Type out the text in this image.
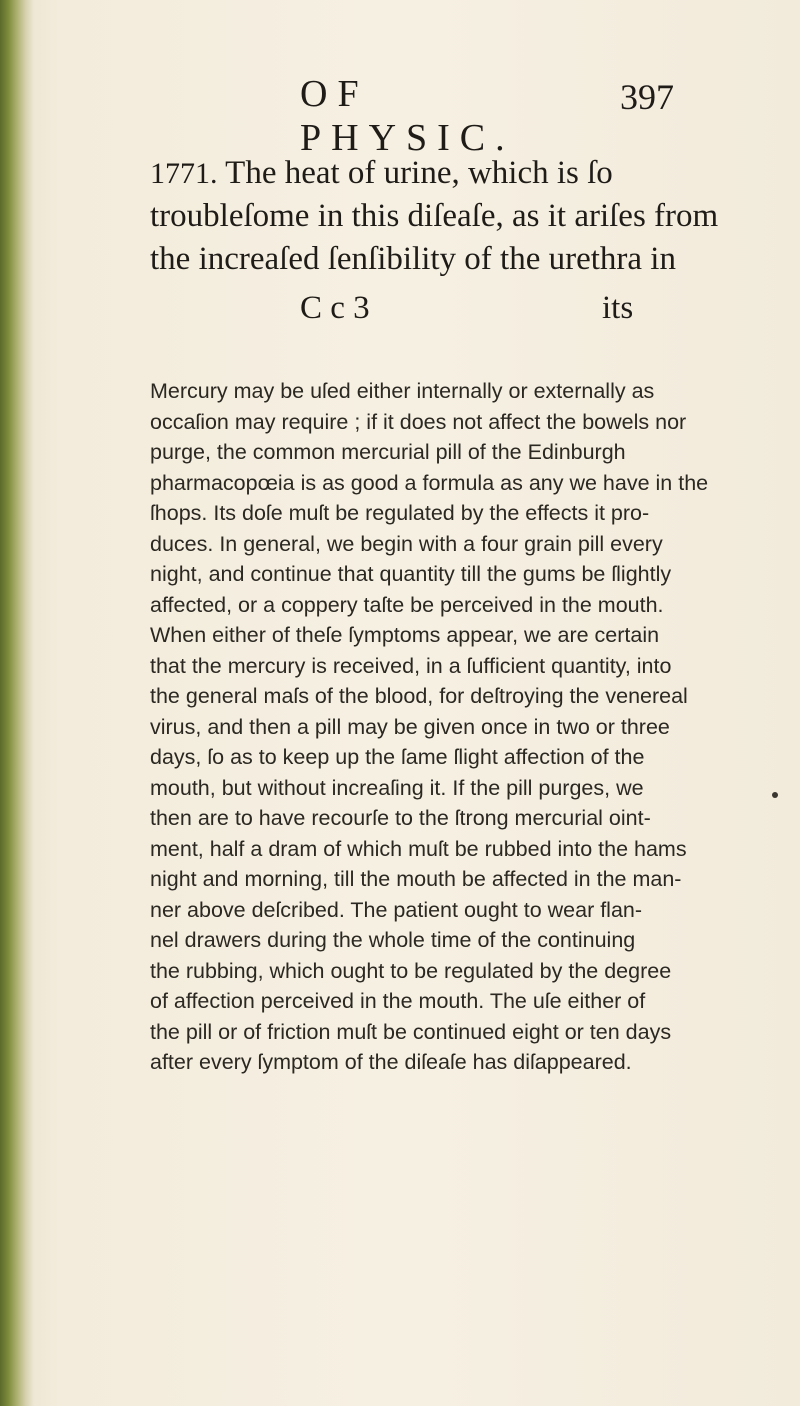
OF PHYSIC.
397
1771. The heat of urine, which is ſo
troubleſome in this diſeaſe, as it ariſes from
the increaſed ſenſibility of the urethra in
C c 3	its
Mercury may be uſed either internally or externally as
occaſion may require ; if it does not affect the bowels nor
purge, the common mercurial pill of the Edinburgh
pharmacopœia is as good a formula as any we have in the
ſhops. Its doſe muſt be regulated by the effects it pro-
duces. In general, we begin with a four grain pill every
night, and continue that quantity till the gums be ſlightly
affected, or a coppery taſte be perceived in the mouth.
When either of theſe ſymptoms appear, we are certain
that the mercury is received, in a ſufficient quantity, into
the general maſs of the blood, for deſtroying the venereal
virus, and then a pill may be given once in two or three
days, ſo as to keep up the ſame ſlight affection of the
mouth, but without increaſing it. If the pill purges, we
then are to have recourſe to the ſtrong mercurial oint-
ment, half a dram of which muſt be rubbed into the hams
night and morning, till the mouth be affected in the man-
ner above deſcribed. The patient ought to wear flan-
nel drawers during the whole time of the continuing
the rubbing, which ought to be regulated by the degree
of affection perceived in the mouth. The uſe either of
the pill or of friction muſt be continued eight or ten days
after every ſymptom of the diſeaſe has diſappeared.
